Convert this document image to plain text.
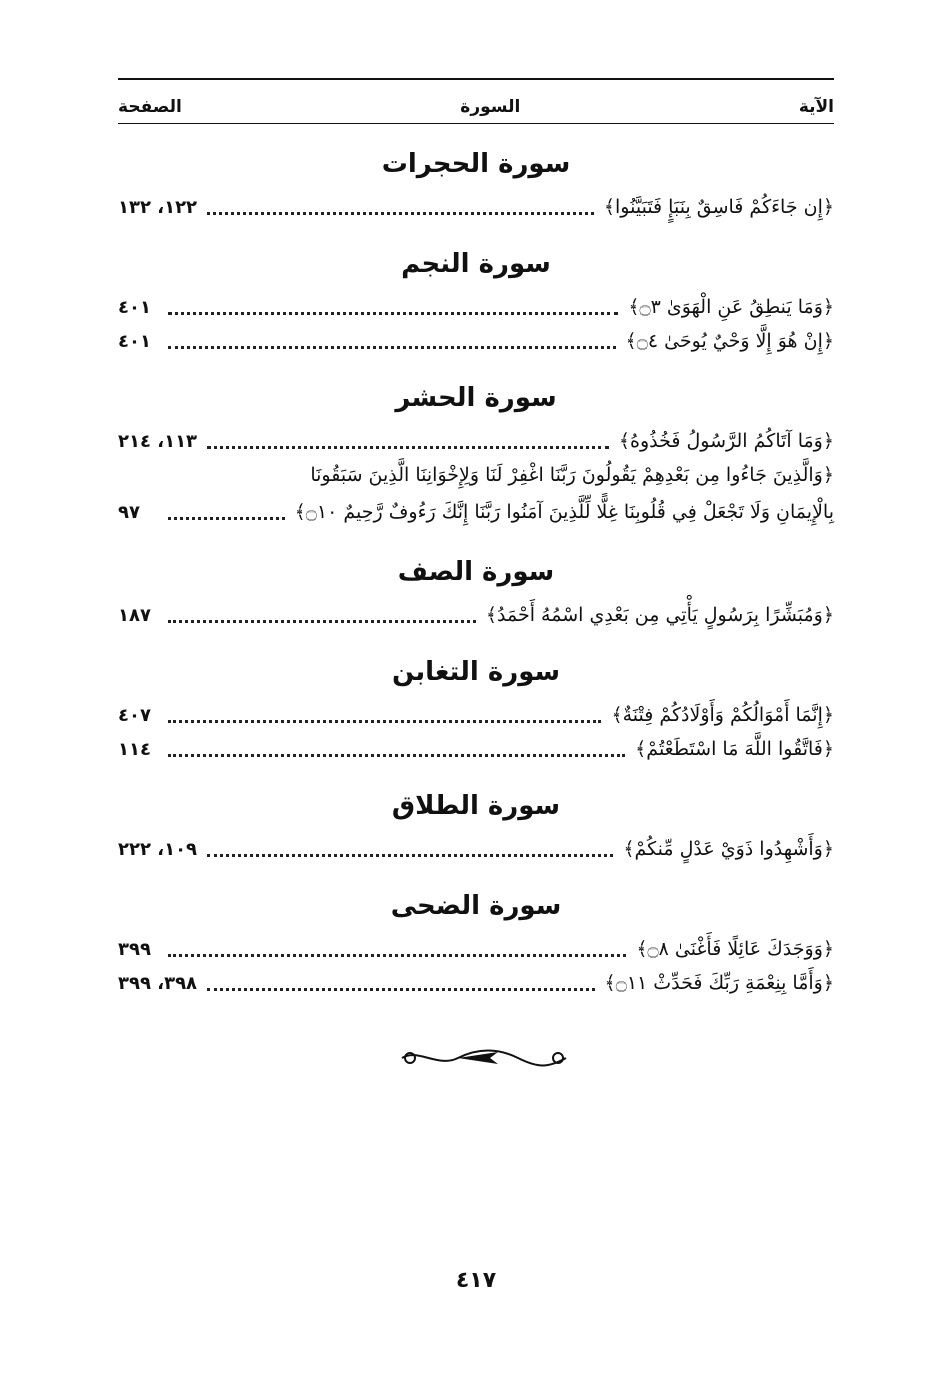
الآية
السورة
الصفحة
سورة الحجرات
﴿إِن جَاءَكُمْ فَاسِقٌ بِنَبَإٍ فَتَبَيَّنُوا﴾
١٢٢، ١٣٢
سورة النجم
﴿وَمَا يَنطِقُ عَنِ الْهَوَىٰ ۝٣﴾
٤٠١
﴿إِنْ هُوَ إِلَّا وَحْيٌ يُوحَىٰ ۝٤﴾
٤٠١
سورة الحشر
﴿وَمَا آتَاكُمُ الرَّسُولُ فَخُذُوهُ﴾
١١٣، ٢١٤
﴿وَالَّذِينَ جَاءُوا مِن بَعْدِهِمْ يَقُولُونَ رَبَّنَا اغْفِرْ لَنَا وَلِإِخْوَانِنَا الَّذِينَ سَبَقُونَا
بِالْإِيمَانِ وَلَا تَجْعَلْ فِي قُلُوبِنَا غِلًّا لِّلَّذِينَ آمَنُوا رَبَّنَا إِنَّكَ رَءُوفٌ رَّحِيمٌ ۝١٠﴾
٩٧
سورة الصف
﴿وَمُبَشِّرًا بِرَسُولٍ يَأْتِي مِن بَعْدِي اسْمُهُ أَحْمَدُ﴾
١٨٧
سورة التغابن
﴿إِنَّمَا أَمْوَالُكُمْ وَأَوْلَادُكُمْ فِتْنَةٌ﴾
٤٠٧
﴿فَاتَّقُوا اللَّهَ مَا اسْتَطَعْتُمْ﴾
١١٤
سورة الطلاق
﴿وَأَشْهِدُوا ذَوَيْ عَدْلٍ مِّنكُمْ﴾
١٠٩، ٢٢٢
سورة الضحى
﴿وَوَجَدَكَ عَائِلًا فَأَغْنَىٰ ۝٨﴾
٣٩٩
﴿وَأَمَّا بِنِعْمَةِ رَبِّكَ فَحَدِّثْ ۝١١﴾
٣٩٨، ٣٩٩
٤١٧
